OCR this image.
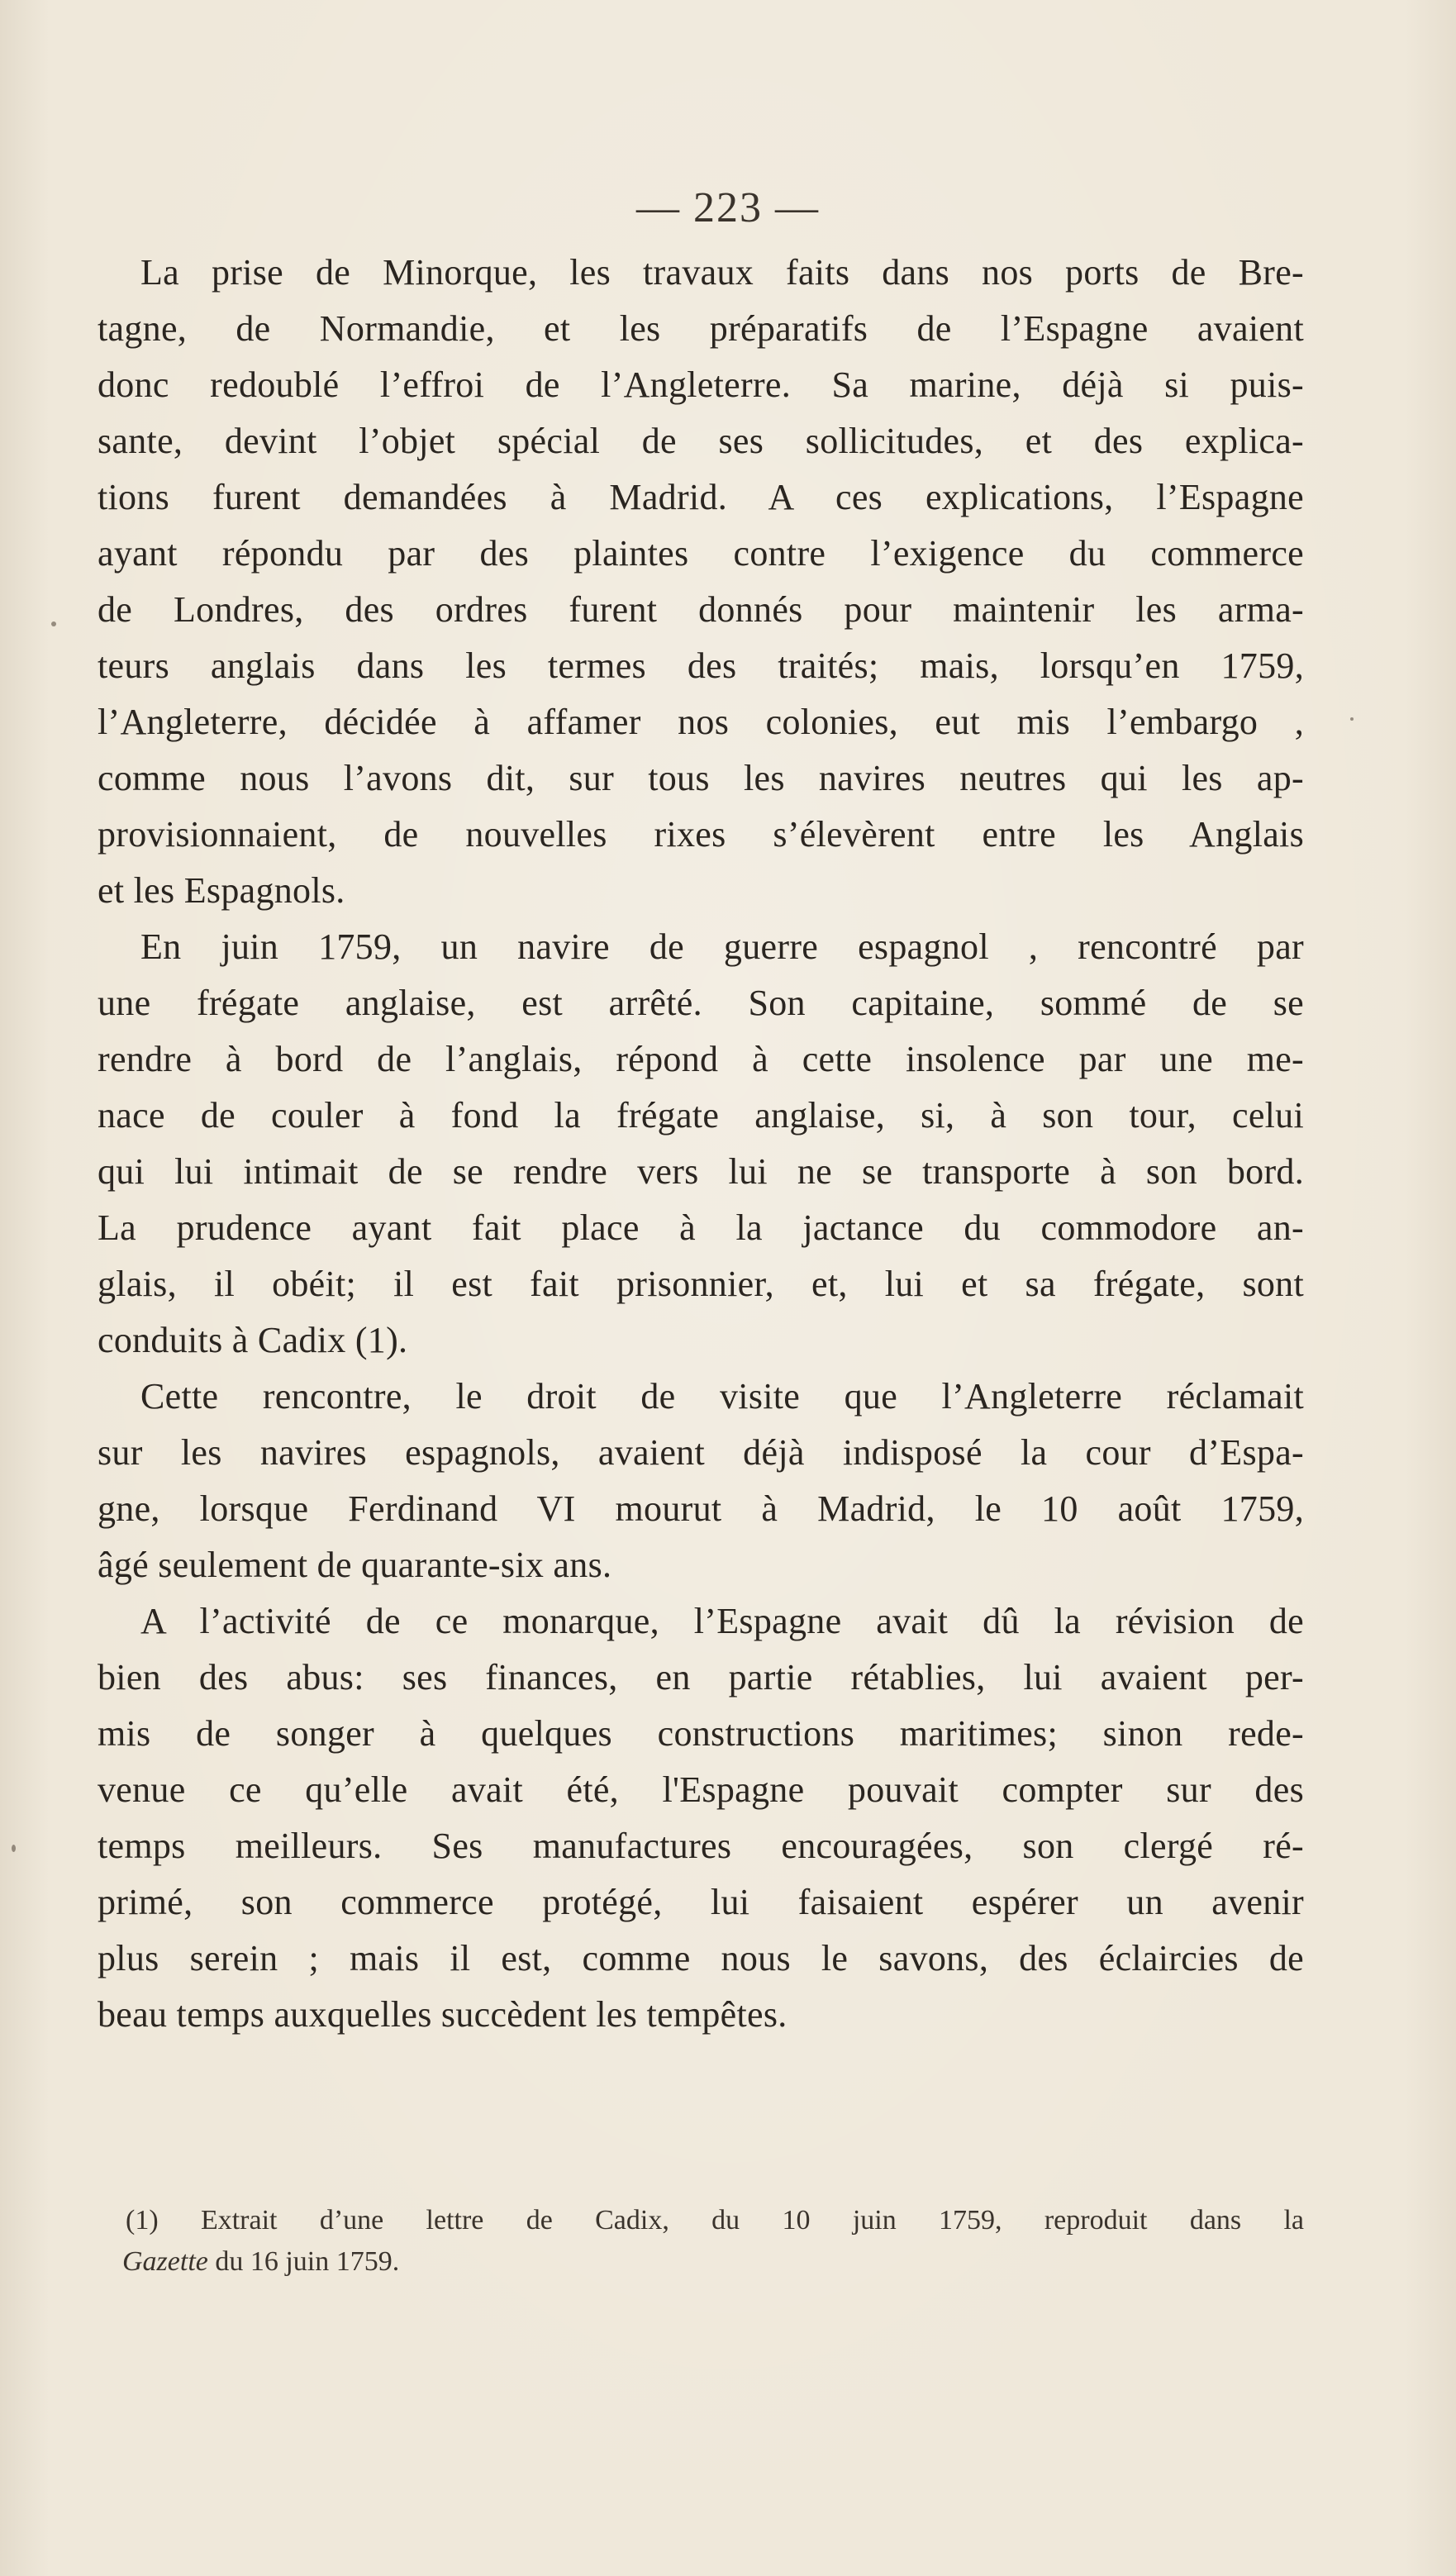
— 223 —
La prise de Minorque, les travaux faits dans nos ports de Bre-
tagne, de Normandie, et les préparatifs de l’Espagne avaient
donc redoublé l’effroi de l’Angleterre. Sa marine, déjà si puis-
sante, devint l’objet spécial de ses sollicitudes, et des explica-
tions furent demandées à Madrid. A ces explications, l’Espagne
ayant répondu par des plaintes contre l’exigence du commerce
de Londres, des ordres furent donnés pour maintenir les arma-
teurs anglais dans les termes des traités; mais, lorsqu’en 1759,
l’Angleterre, décidée à affamer nos colonies, eut mis l’embargo ,
comme nous l’avons dit, sur tous les navires neutres qui les ap-
provisionnaient, de nouvelles rixes s’élevèrent entre les Anglais
et les Espagnols.
En juin 1759, un navire de guerre espagnol , rencontré par
une frégate anglaise, est arrêté. Son capitaine, sommé de se
rendre à bord de l’anglais, répond à cette insolence par une me-
nace de couler à fond la frégate anglaise, si, à son tour, celui
qui lui intimait de se rendre vers lui ne se transporte à son bord.
La prudence ayant fait place à la jactance du commodore an-
glais, il obéit; il est fait prisonnier, et, lui et sa frégate, sont
conduits à Cadix (1).
Cette rencontre, le droit de visite que l’Angleterre réclamait
sur les navires espagnols, avaient déjà indisposé la cour d’Espa-
gne, lorsque Ferdinand VI mourut à Madrid, le 10 août 1759,
âgé seulement de quarante-six ans.
A l’activité de ce monarque, l’Espagne avait dû la révision de
bien des abus: ses finances, en partie rétablies, lui avaient per-
mis de songer à quelques constructions maritimes; sinon rede-
venue ce qu’elle avait été, l'Espagne pouvait compter sur des
temps meilleurs. Ses manufactures encouragées, son clergé ré-
primé, son commerce protégé, lui faisaient espérer un avenir
plus serein ; mais il est, comme nous le savons, des éclaircies de
beau temps auxquelles succèdent les tempêtes.
(1) Extrait d’une lettre de Cadix, du 10 juin 1759, reproduit dans la
Gazette du 16 juin 1759.
